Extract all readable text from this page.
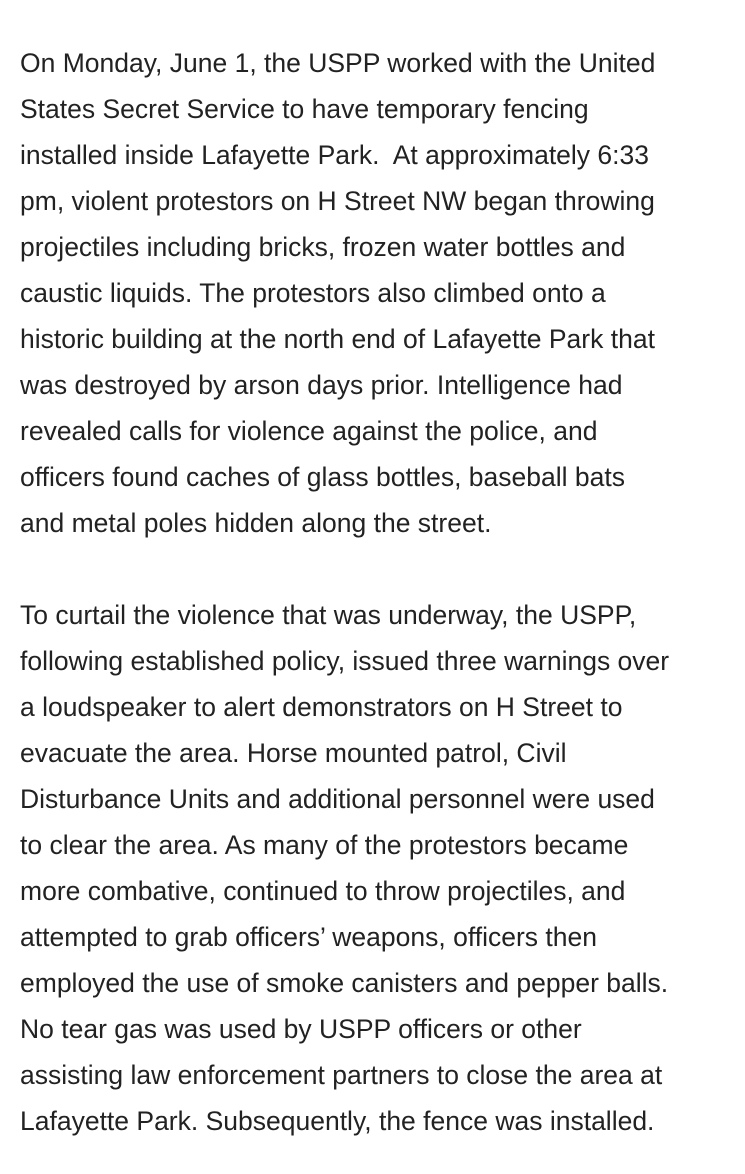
On Monday, June 1, the USPP worked with the United
States Secret Service to have temporary fencing
installed inside Lafayette Park.  At approximately 6:33
pm, violent protestors on H Street NW began throwing
projectiles including bricks, frozen water bottles and
caustic liquids. The protestors also climbed onto a
historic building at the north end of Lafayette Park that
was destroyed by arson days prior. Intelligence had
revealed calls for violence against the police, and
officers found caches of glass bottles, baseball bats
and metal poles hidden along the street.
To curtail the violence that was underway, the USPP,
following established policy, issued three warnings over
a loudspeaker to alert demonstrators on H Street to
evacuate the area. Horse mounted patrol, Civil
Disturbance Units and additional personnel were used
to clear the area. As many of the protestors became
more combative, continued to throw projectiles, and
attempted to grab officers’ weapons, officers then
employed the use of smoke canisters and pepper balls.
No tear gas was used by USPP officers or other
assisting law enforcement partners to close the area at
Lafayette Park. Subsequently, the fence was installed.
